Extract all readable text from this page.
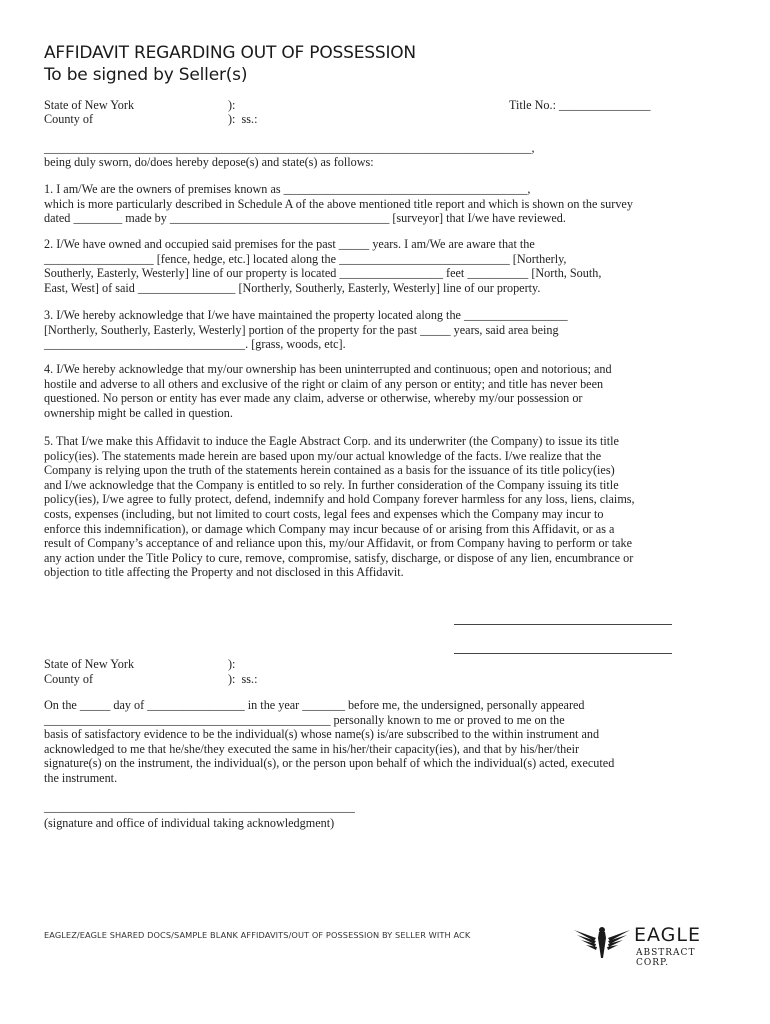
AFFIDAVIT REGARDING OUT OF POSSESSION
To be signed by Seller(s)

State of New York

County of

):

):  ss.:

Title No.: _______________

________________________________________________________________________________,

being duly sworn, do/does hereby depose(s) and state(s) as follows:

1. I am/We are the owners of premises known as ________________________________________,
which is more particularly described in Schedule A of the above mentioned title report and which is shown on the survey
dated ________ made by ____________________________________ [surveyor] that I/we have reviewed.

2. I/We have owned and occupied said premises for the past _____ years. I am/We are aware that the
__________________ [fence, hedge, etc.] located along the ____________________________ [Northerly,
Southerly, Easterly, Westerly] line of our property is located _________________ feet __________ [North, South,
East, West] of said ________________ [Northerly, Southerly, Easterly, Westerly] line of our property.

3. I/We hereby acknowledge that I/we have maintained the property located along the _________________
[Northerly, Southerly, Easterly, Westerly] portion of the property for the past _____ years, said area being
_________________________________. [grass, woods, etc].

4. I/We hereby acknowledge that my/our ownership has been uninterrupted and continuous; open and notorious; and
hostile and adverse to all others and exclusive of the right or claim of any person or entity; and title has never been
questioned. No person or entity has ever made any claim, adverse or otherwise, whereby my/our possession or
ownership might be called in question.

5. That I/we make this Affidavit to induce the Eagle Abstract Corp. and its underwriter (the Company) to issue its title
policy(ies). The statements made herein are based upon my/our actual knowledge of the facts. I/we realize that the
Company is relying upon the truth of the statements herein contained as a basis for the issuance of its title policy(ies)
and I/we acknowledge that the Company is entitled to so rely. In further consideration of the Company issuing its title
policy(ies), I/we agree to fully protect, defend, indemnify and hold Company forever harmless for any loss, liens, claims,
costs, expenses (including, but not limited to court costs, legal fees and expenses which the Company may incur to
enforce this indemnification), or damage which Company may incur because of or arising from this Affidavit, or as a
result of Company’s acceptance of and reliance upon this, my/our Affidavit, or from Company having to perform or take
any action under the Title Policy to cure, remove, compromise, satisfy, discharge, or dispose of any lien, encumbrance or
objection to title affecting the Property and not disclosed in this Affidavit.

State of New York

County of

):

):  ss.:

On the _____ day of ________________ in the year _______ before me, the undersigned, personally appeared
_______________________________________________ personally known to me or proved to me on the
basis of satisfactory evidence to be the individual(s) whose name(s) is/are subscribed to the within instrument and
acknowledged to me that he/she/they executed the same in his/her/their capacity(ies), and that by his/her/their
signature(s) on the instrument, the individual(s), or the person upon behalf of which the individual(s) acted, executed
the instrument.

___________________________________________________

(signature and office of individual taking acknowledgment)

EAGLEZ/EAGLE SHARED DOCS/SAMPLE BLANK AFFIDAVITS/OUT OF POSSESSION BY SELLER WITH ACK	EAGLE
ABSTRACT CORP.
